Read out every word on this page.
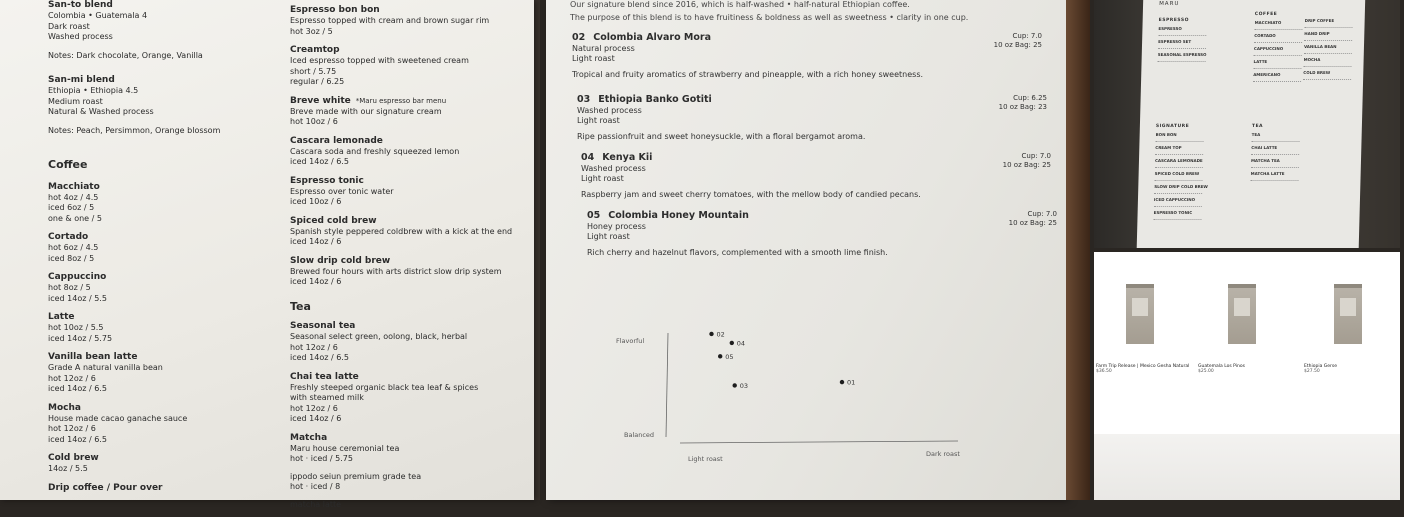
San-to blend
Colombia • Guatemala 4
Dark roast
Washed process
Notes: Dark chocolate, Orange, Vanilla
San-mi blend
Ethiopia • Ethiopia 4.5
Medium roast
Natural & Washed process
Notes: Peach, Persimmon, Orange blossom
Coffee
Macchiato
hot 4oz / 4.5
iced 6oz / 5
one & one / 5
Cortado
hot 6oz / 4.5
iced 8oz / 5
Cappuccino
hot 8oz / 5
iced 14oz / 5.5
Latte
hot 10oz / 5.5
iced 14oz / 5.75
Vanilla bean latte
Grade A natural vanilla bean
hot 12oz / 6
iced 14oz / 6.5
Mocha
House made cacao ganache sauce
hot 12oz / 6
iced 14oz / 6.5
Cold brew
14oz / 5.5
Drip coffee / Pour over
Espresso bon bon
Espresso topped with cream and brown sugar rim
hot 3oz / 5
Creamtop
Iced espresso topped with sweetened cream
short / 5.75
regular / 6.25
Breve white *Maru espresso bar menu
Breve made with our signature cream
hot 10oz / 6
Cascara lemonade
Cascara soda and freshly squeezed lemon
iced 14oz / 6.5
Espresso tonic
Espresso over tonic water
iced 10oz / 6
Spiced cold brew
Spanish style peppered coldbrew with a kick at the end
iced 14oz / 6
Slow drip cold brew
Brewed four hours with arts district slow drip system
iced 14oz / 6
Tea
Seasonal tea
Seasonal select green, oolong, black, herbal
hot 12oz / 6
iced 14oz / 6.5
Chai tea latte
Freshly steeped organic black tea leaf & spices
with steamed milk
hot 12oz / 6
iced 14oz / 6
Matcha
Maru house ceremonial tea
hot · iced / 5.75
ippodo seiun premium grade tea
hot · iced / 8
matcha latte
Our signature blend since 2016, which is half-washed • half-natural Ethiopian coffee.
The purpose of this blend is to have fruitiness & boldness as well as sweetness • clarity in one cup.
02 Colombia Alvaro Mora
Natural process
Light roast
Cup: 7.0
10 oz Bag: 25
Tropical and fruity aromatics of strawberry and pineapple, with a rich honey sweetness.
03 Ethiopia Banko Gotiti
Washed process
Light roast
Cup: 6.25
10 oz Bag: 23
Ripe passionfruit and sweet honeysuckle, with a floral bergamot aroma.
04 Kenya Kii
Washed process
Light roast
Cup: 7.0
10 oz Bag: 25
Raspberry jam and sweet cherry tomatoes, with the mellow body of candied pecans.
05 Colombia Honey Mountain
Honey process
Light roast
Cup: 7.0
10 oz Bag: 25
Rich cherry and hazelnut flavors, complemented with a smooth lime finish.
Flavorful
Balanced
Light roast
Dark roast
02
04
05
03	01
MARU
ESPRESSO
ESPRESSO
ESPRESSO SET
SEASONAL ESPRESSO
COFFEE
MACCHIATO
CORTADO
CAPPUCCINO
LATTE
AMERICANO
DRIP COFFEE
HAND DRIP
VANILLA BEAN
MOCHA
COLD BREW
SIGNATURE
BON BON
CREAM TOP
CASCARA LEMONADE
SPICED COLD BREW
SLOW DRIP COLD BREW
ICED CAPPUCCINO
ESPRESSO TONIC
TEA
TEA
CHAI LATTE
MATCHA TEA
MATCHA LATTE
Farm Trip Release | Mexico Gesha Natural
$36.50
Guatemala Los Pinos
$25.00
Ethiopia Gerse
$27.50
